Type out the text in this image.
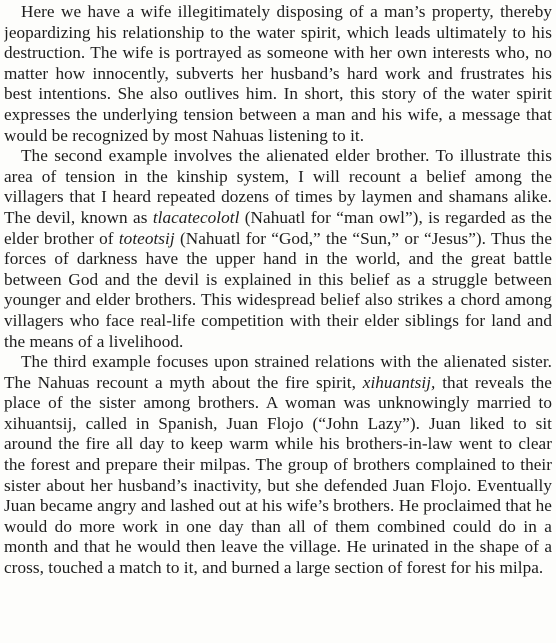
Here we have a wife illegitimately disposing of a man’s property, thereby jeopardizing his relationship to the water spirit, which leads ultimately to his destruction. The wife is portrayed as someone with her own interests who, no matter how innocently, subverts her husband’s hard work and frustrates his best intentions. She also outlives him. In short, this story of the water spirit expresses the underlying tension between a man and his wife, a message that would be recognized by most Nahuas listening to it.

The second example involves the alienated elder brother. To illustrate this area of tension in the kinship system, I will recount a belief among the villagers that I heard repeated dozens of times by laymen and shamans alike. The devil, known as tlacatecolotl (Nahuatl for “man owl”), is regarded as the elder brother of toteotsij (Nahuatl for “God,” the “Sun,” or “Jesus”). Thus the forces of darkness have the upper hand in the world, and the great battle between God and the devil is explained in this belief as a struggle between younger and elder brothers. This widespread belief also strikes a chord among villagers who face real-life competition with their elder siblings for land and the means of a livelihood.

The third example focuses upon strained relations with the alienated sister. The Nahuas recount a myth about the fire spirit, xihuantsij, that reveals the place of the sister among brothers. A woman was unknowingly married to xihuantsij, called in Spanish, Juan Flojo (“John Lazy”). Juan liked to sit around the fire all day to keep warm while his brothers-in-law went to clear the forest and prepare their milpas. The group of brothers complained to their sister about her husband’s inactivity, but she defended Juan Flojo. Eventually Juan became angry and lashed out at his wife’s brothers. He proclaimed that he would do more work in one day than all of them combined could do in a month and that he would then leave the village. He urinated in the shape of a cross, touched a match to it, and burned a large section of forest for his milpa.
